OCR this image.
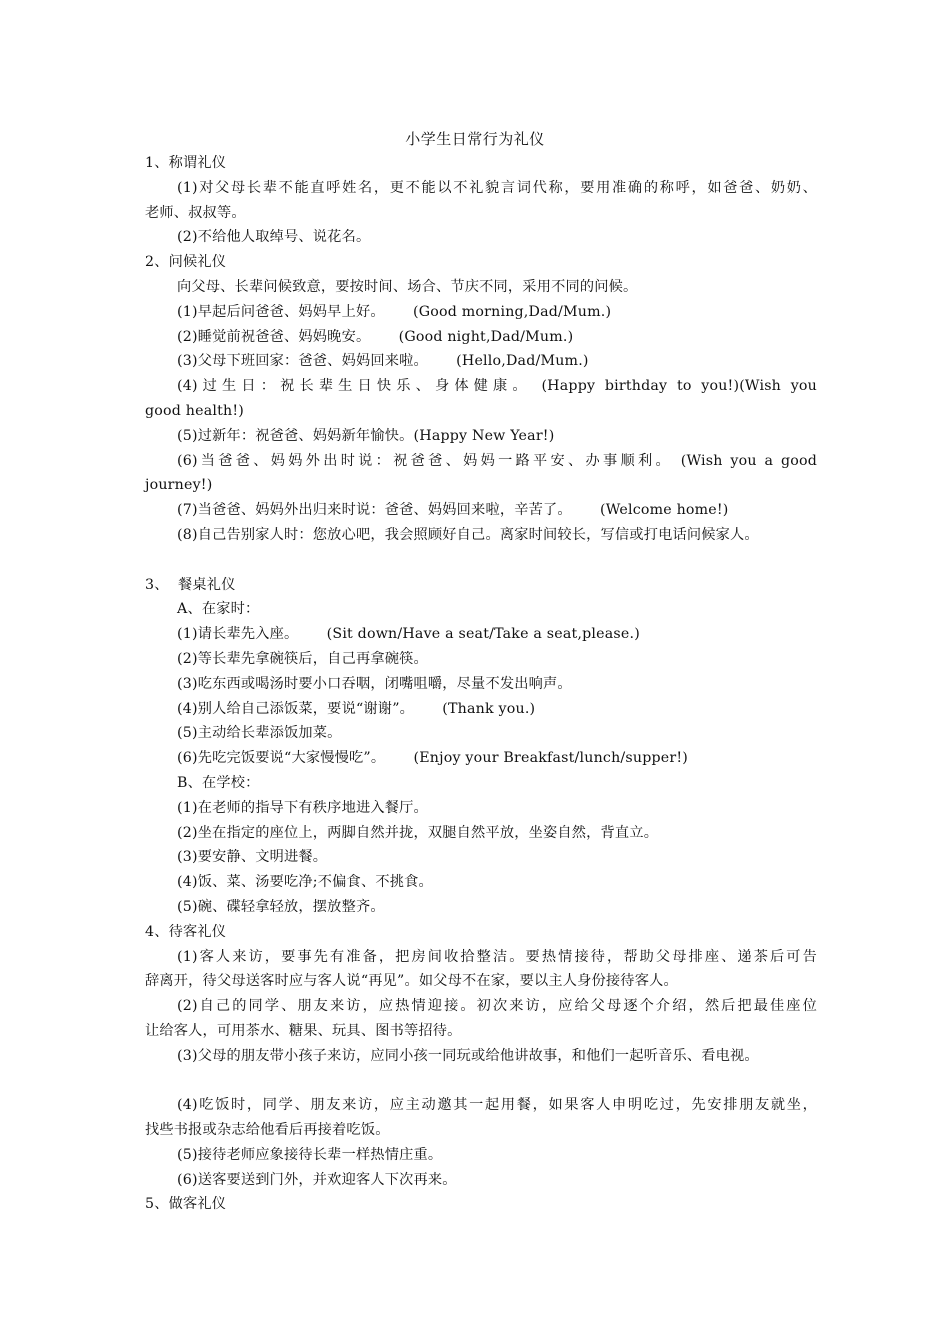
小学生日常行为礼仪
1、称谓礼仪
(1)对父母长辈不能直呼姓名，更不能以不礼貌言词代称，要用准确的称呼，如爸爸、奶奶、
老师、叔叔等。
(2)不给他人取绰号、说花名。
2、问候礼仪
向父母、长辈问候致意，要按时间、场合、节庆不同，采用不同的问候。
(1)早起后问爸爸、妈妈早上好。      (Good morning,Dad/Mum.)
(2)睡觉前祝爸爸、妈妈晚安。      (Good night,Dad/Mum.)
(3)父母下班回家：爸爸、妈妈回来啦。      (Hello,Dad/Mum.)
(4)过生日：祝长辈生日快乐、身体健康。 (Happy birthday to you!)(Wish you
good health!)
(5)过新年：祝爸爸、妈妈新年愉快。(Happy New Year!)
(6)当爸爸、妈妈外出时说：祝爸爸、妈妈一路平安、办事顺利。 (Wish you a good
journey!)
(7)当爸爸、妈妈外出归来时说：爸爸、妈妈回来啦，辛苦了。      (Welcome home!)
(8)自己告别家人时：您放心吧，我会照顾好自己。离家时间较长，写信或打电话问候家人。
3、  餐桌礼仪
A、在家时：
(1)请长辈先入座。      (Sit down/Have a seat/Take a seat,please.)
(2)等长辈先拿碗筷后，自己再拿碗筷。
(3)吃东西或喝汤时要小口吞咽，闭嘴咀嚼，尽量不发出响声。
(4)别人给自己添饭菜，要说“谢谢”。      (Thank you.)
(5)主动给长辈添饭加菜。
(6)先吃完饭要说“大家慢慢吃”。      (Enjoy your Breakfast/lunch/supper!)
B、在学校：
(1)在老师的指导下有秩序地进入餐厅。
(2)坐在指定的座位上，两脚自然并拢，双腿自然平放，坐姿自然，背直立。
(3)要安静、文明进餐。
(4)饭、菜、汤要吃净;不偏食、不挑食。
(5)碗、碟轻拿轻放，摆放整齐。
4、待客礼仪
(1)客人来访，要事先有准备，把房间收拾整洁。要热情接待，帮助父母排座、递茶后可告
辞离开，待父母送客时应与客人说“再见”。如父母不在家，要以主人身份接待客人。
(2)自己的同学、朋友来访，应热情迎接。初次来访，应给父母逐个介绍，然后把最佳座位
让给客人，可用茶水、糖果、玩具、图书等招待。
(3)父母的朋友带小孩子来访，应同小孩一同玩或给他讲故事，和他们一起听音乐、看电视。
(4)吃饭时，同学、朋友来访，应主动邀其一起用餐，如果客人申明吃过，先安排朋友就坐，
找些书报或杂志给他看后再接着吃饭。
(5)接待老师应象接待长辈一样热情庄重。
(6)送客要送到门外，并欢迎客人下次再来。
5、做客礼仪
